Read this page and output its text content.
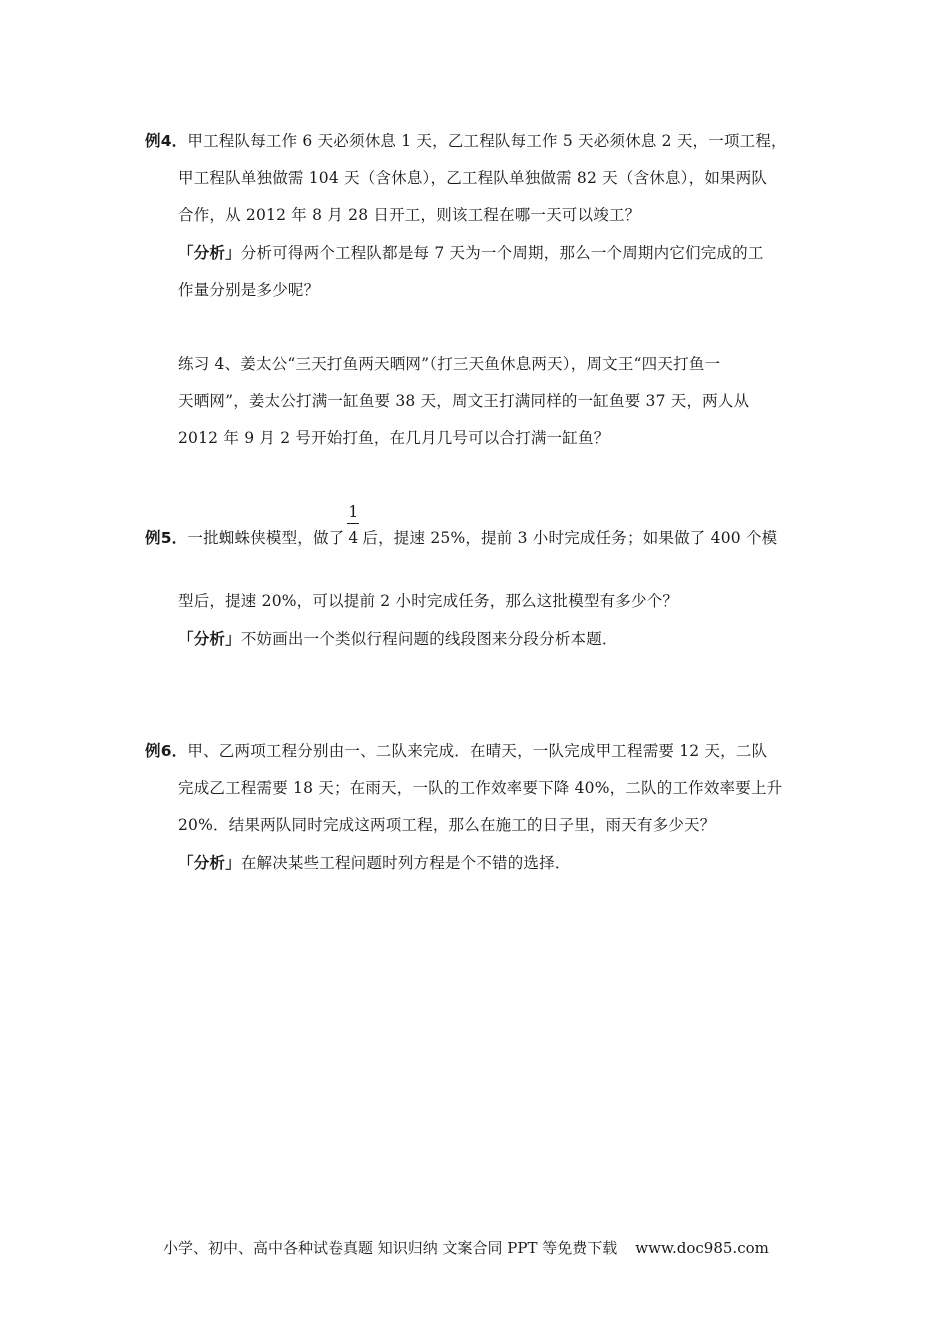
例4．甲工程队每工作 6 天必须休息 1 天，乙工程队每工作 5 天必须休息 2 天，一项工程，
甲工程队单独做需 104 天（含休息），乙工程队单独做需 82 天（含休息），如果两队
合作，从 2012 年 8 月 28 日开工，则该工程在哪一天可以竣工？
「分析」分析可得两个工程队都是每 7 天为一个周期，那么一个周期内它们完成的工
作量分别是多少呢？
练习 4、姜太公“三天打鱼两天晒网”（打三天鱼休息两天），周文王“四天打鱼一
天晒网”，姜太公打满一缸鱼要 38 天，周文王打满同样的一缸鱼要 37 天，两人从
2012 年 9 月 2 号开始打鱼，在几月几号可以合打满一缸鱼？
例5．一批蜘蛛侠模型，做了 $\frac{1}{4}$ 后，提速 25%，提前 3 小时完成任务；如果做了 400 个模
型后，提速 20%，可以提前 2 小时完成任务，那么这批模型有多少个？
「分析」不妨画出一个类似行程问题的线段图来分段分析本题．
例6．甲、乙两项工程分别由一、二队来完成．在晴天，一队完成甲工程需要 12 天，二队
完成乙工程需要 18 天；在雨天，一队的工作效率要下降 40%，二队的工作效率要上升
20%．结果两队同时完成这两项工程，那么在施工的日子里，雨天有多少天？
「分析」在解决某些工程问题时列方程是个不错的选择．
小学、初中、高中各种试卷真题 知识归纳 文案合同 PPT 等免费下载 www.doc985.com
